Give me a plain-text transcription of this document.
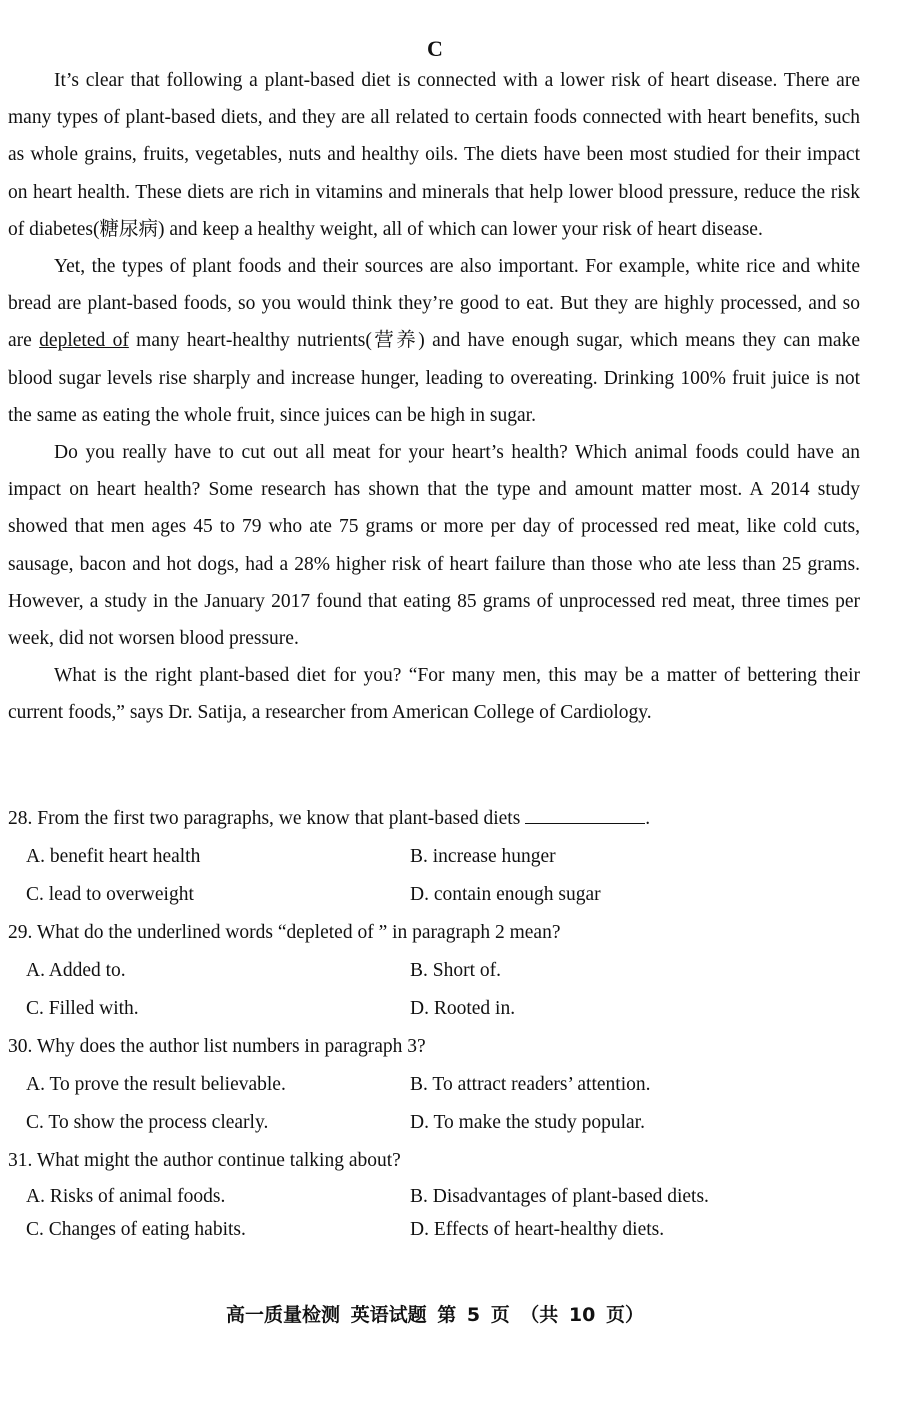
C

It’s clear that following a plant-based diet is connected with a lower risk of heart disease. There are many types of plant-based diets, and they are all related to certain foods connected with heart benefits, such as whole grains, fruits, vegetables, nuts and healthy oils. The diets have been most studied for their impact on heart health. These diets are rich in vitamins and minerals that help lower blood pressure, reduce the risk of diabetes(糖尿病) and keep a healthy weight, all of which can lower your risk of heart disease.

Yet, the types of plant foods and their sources are also important. For example, white rice and white bread are plant-based foods, so you would think they’re good to eat. But they are highly processed, and so are depleted of many heart-healthy nutrients(营养) and have enough sugar, which means they can make blood sugar levels rise sharply and increase hunger, leading to overeating. Drinking 100% fruit juice is not the same as eating the whole fruit, since juices can be high in sugar.

Do you really have to cut out all meat for your heart’s health? Which animal foods could have an impact on heart health? Some research has shown that the type and amount matter most. A 2014 study showed that men ages 45 to 79 who ate 75 grams or more per day of processed red meat, like cold cuts, sausage, bacon and hot dogs, had a 28% higher risk of heart failure than those who ate less than 25 grams. However, a study in the January 2017 found that eating 85 grams of unprocessed red meat, three times per week, did not worsen blood pressure.

What is the right plant-based diet for you? “For many men, this may be a matter of bettering their current foods,” says Dr. Satija, a researcher from American College of Cardiology.

28. From the first two paragraphs, we know that plant-based diets	.
A. benefit heart health	B. increase hunger
C. lead to overweight	D. contain enough sugar
29. What do the underlined words “depleted of ” in paragraph 2 mean?
A. Added to.	B. Short of.
C. Filled with.	D. Rooted in.
30. Why does the author list numbers in paragraph 3?
A. To prove the result believable.	B. To attract readers’ attention.
C. To show the process clearly.	D. To make the study popular.
31. What might the author continue talking about?
A. Risks of animal foods.	B. Disadvantages of plant-based diets.
C. Changes of eating habits.	D. Effects of heart-healthy diets.
高一质量检测 英语试题 第 5 页 （共 10 页）
